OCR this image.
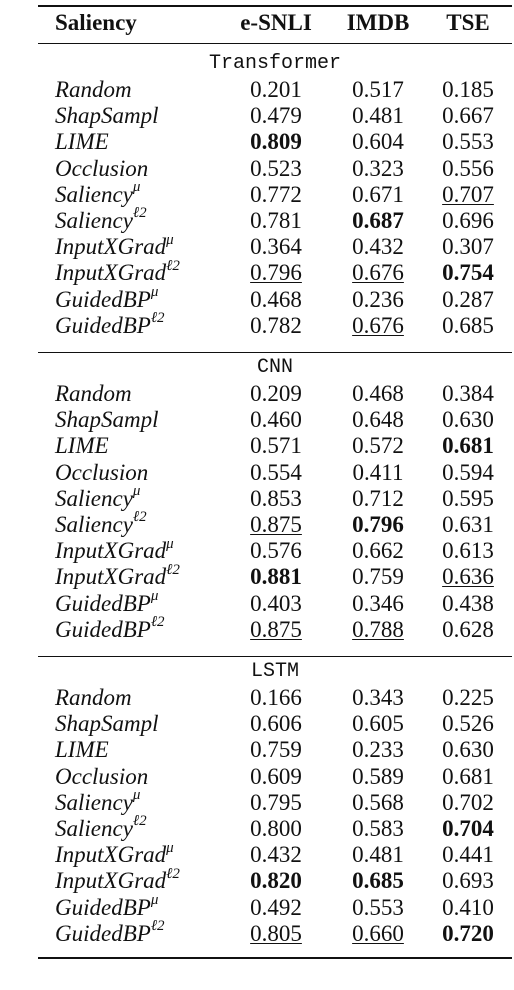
Saliency	e-SNLI	IMDB	TSE
Transformer
Random	0.201	0.517	0.185
ShapSampl	0.479	0.481	0.667
LIME	0.809	0.604	0.553
Occlusion	0.523	0.323	0.556
Saliency$^\mu$	0.772	0.671	0.707
Saliency$^{\ell 2}$	0.781	0.687	0.696
InputXGrad$^\mu$	0.364	0.432	0.307
InputXGrad$^{\ell 2}$	0.796	0.676	0.754
GuidedBP$^\mu$	0.468	0.236	0.287
GuidedBP$^{\ell 2}$	0.782	0.676	0.685
CNN
Random	0.209	0.468	0.384
ShapSampl	0.460	0.648	0.630
LIME	0.571	0.572	0.681
Occlusion	0.554	0.411	0.594
Saliency$^\mu$	0.853	0.712	0.595
Saliency$^{\ell 2}$	0.875	0.796	0.631
InputXGrad$^\mu$	0.576	0.662	0.613
InputXGrad$^{\ell 2}$	0.881	0.759	0.636
GuidedBP$^\mu$	0.403	0.346	0.438
GuidedBP$^{\ell 2}$	0.875	0.788	0.628
LSTM
Random	0.166	0.343	0.225
ShapSampl	0.606	0.605	0.526
LIME	0.759	0.233	0.630
Occlusion	0.609	0.589	0.681
Saliency$^\mu$	0.795	0.568	0.702
Saliency$^{\ell 2}$	0.800	0.583	0.704
InputXGrad$^\mu$	0.432	0.481	0.441
InputXGrad$^{\ell 2}$	0.820	0.685	0.693
GuidedBP$^\mu$	0.492	0.553	0.410
GuidedBP$^{\ell 2}$	0.805	0.660	0.720
